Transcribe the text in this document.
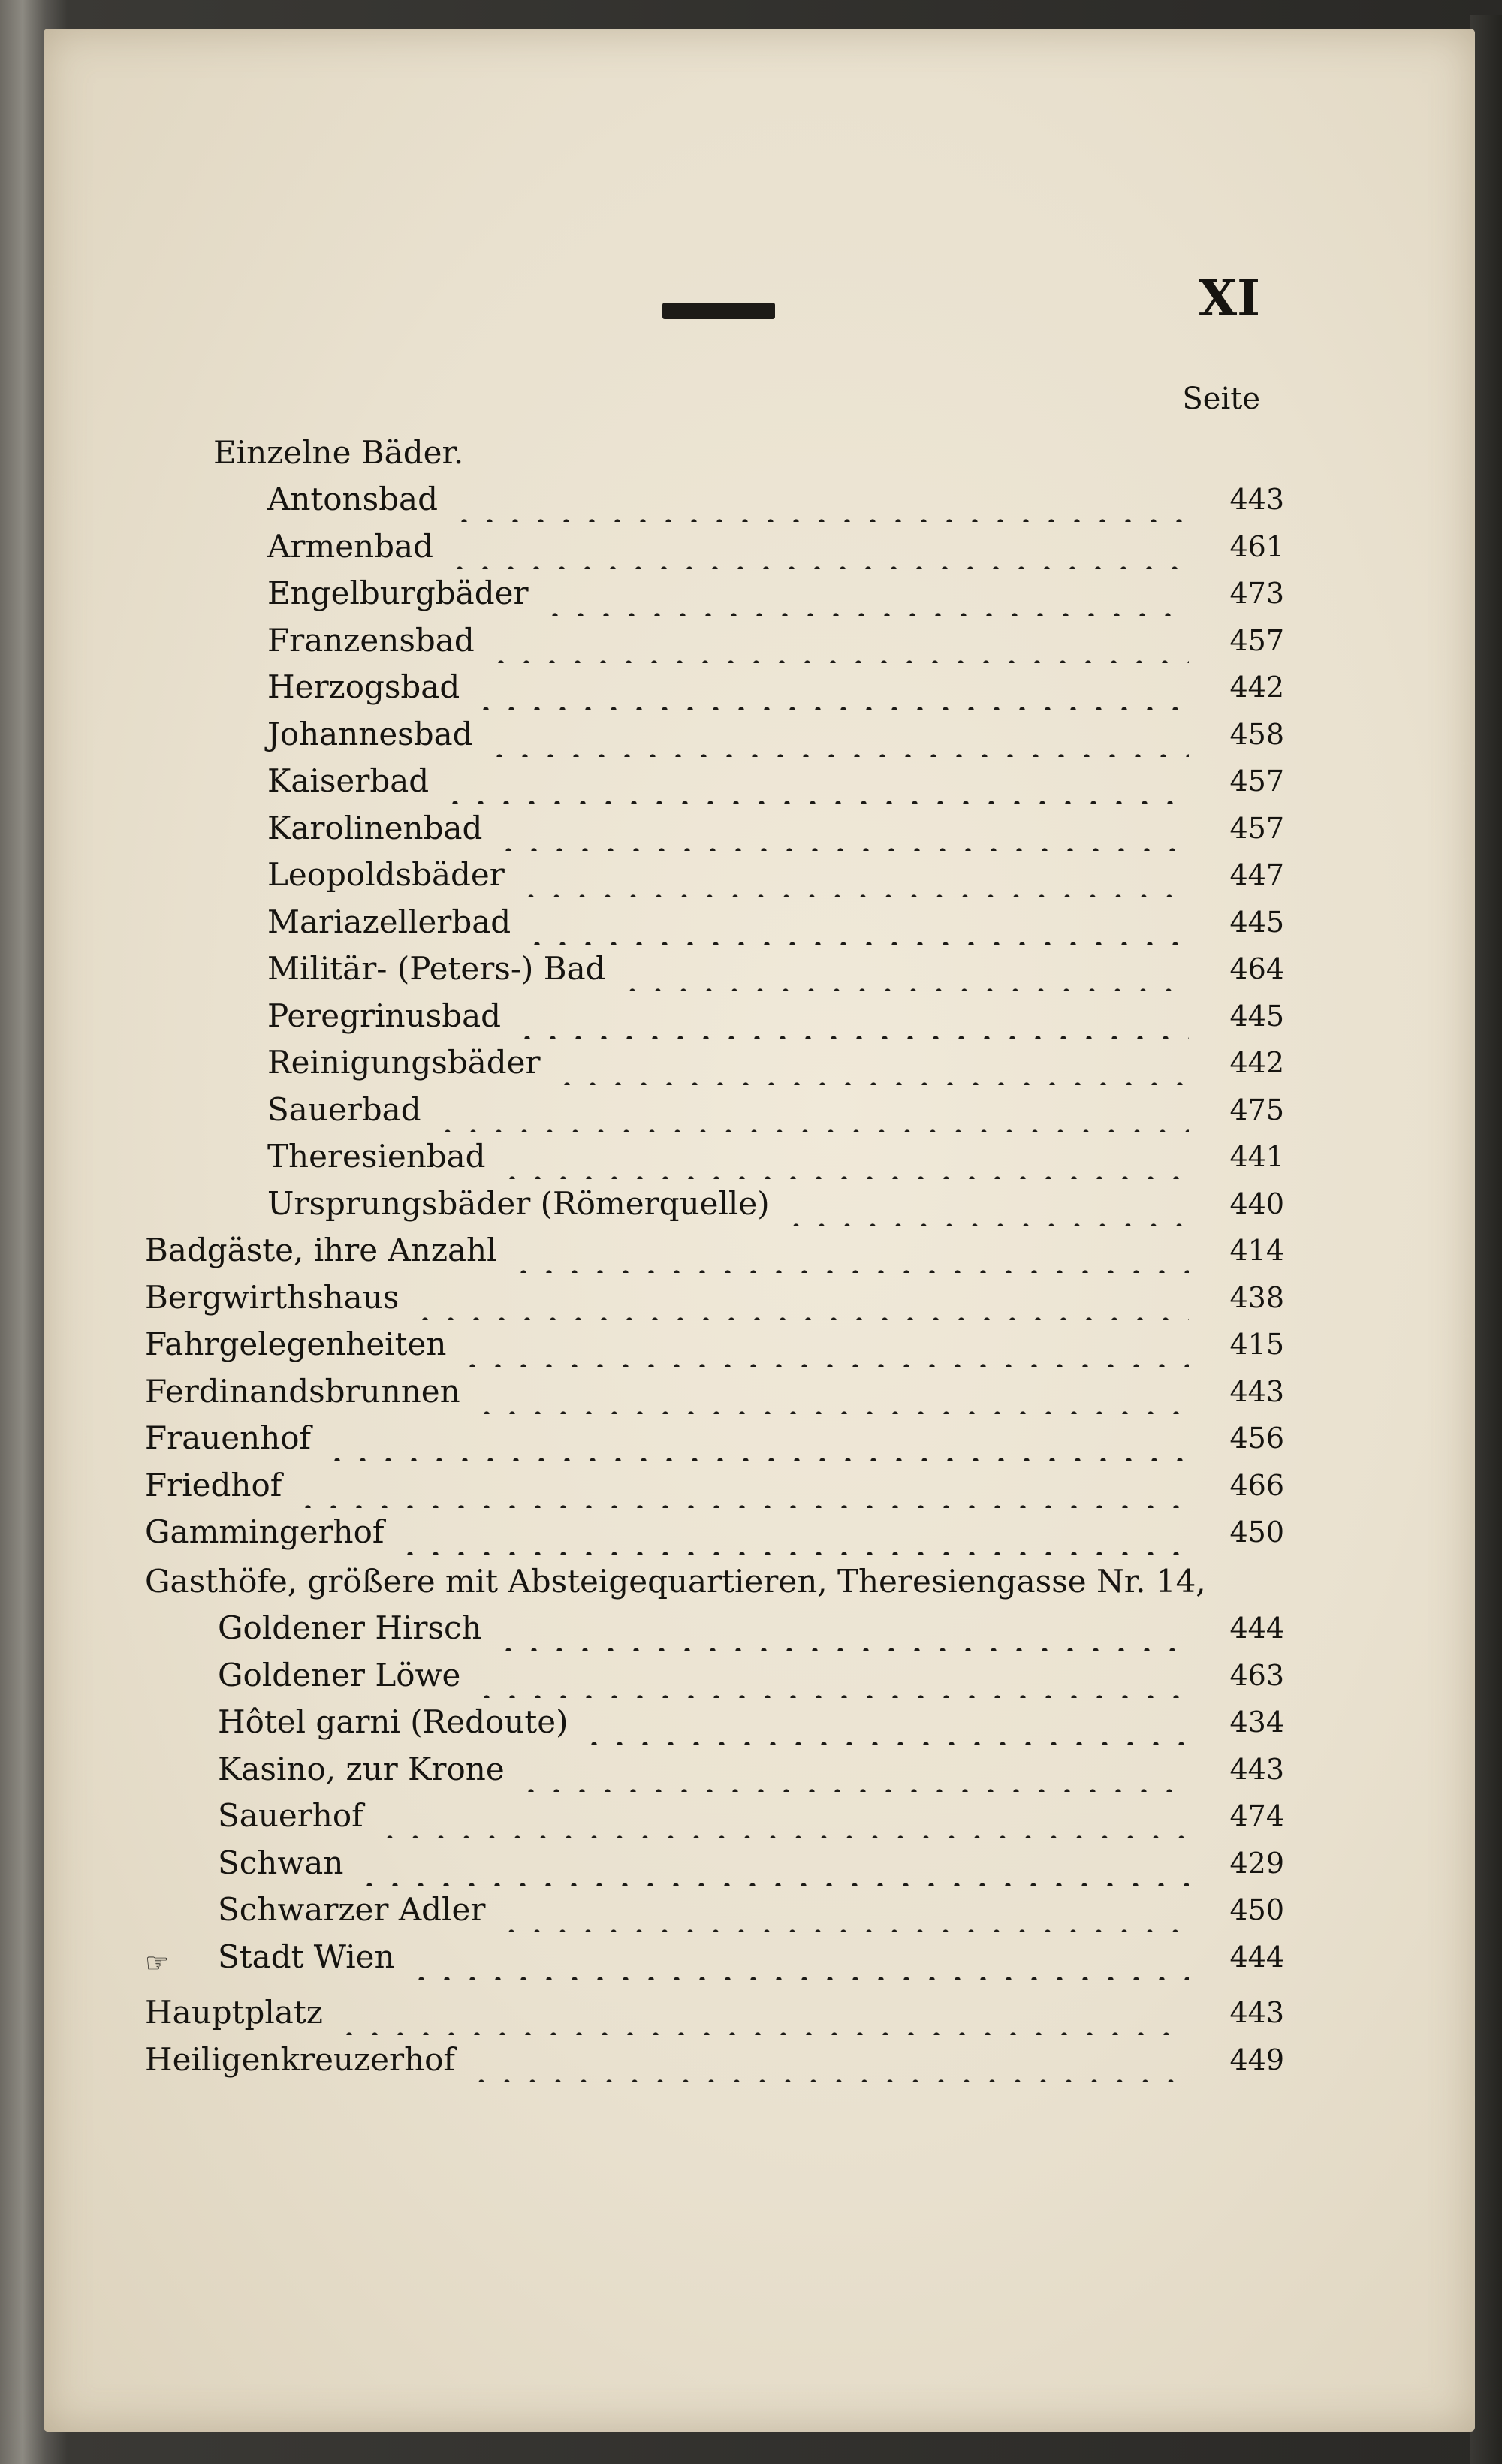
XI
Seite
Einzelne Bäder.
Antonsbad	443
Armenbad	461
Engelburgbäder	473
Franzensbad	457
Herzogsbad	442
Johannesbad	458
Kaiserbad	457
Karolinenbad	457
Leopoldsbäder	447
Mariazellerbad	445
Militär- (Peters-) Bad	464
Peregrinusbad	445
Reinigungsbäder	442
Sauerbad	475
Theresienbad	441
Ursprungsbäder (Römerquelle)	440
Badgäste, ihre Anzahl	414
Bergwirthshaus	438
Fahrgelegenheiten	415
Ferdinandsbrunnen	443
Frauenhof	456
Friedhof	466
Gammingerhof	450
Gasthöfe, größere mit Absteigequartieren, Theresiengasse Nr. 14,
Goldener Hirsch	444
Goldener Löwe	463
Hôtel garni (Redoute)	434
Kasino, zur Krone	443
Sauerhof	474
Schwan	429
Schwarzer Adler	450
Stadt Wien	444
☞
Hauptplatz	443
Heiligenkreuzerhof	449
